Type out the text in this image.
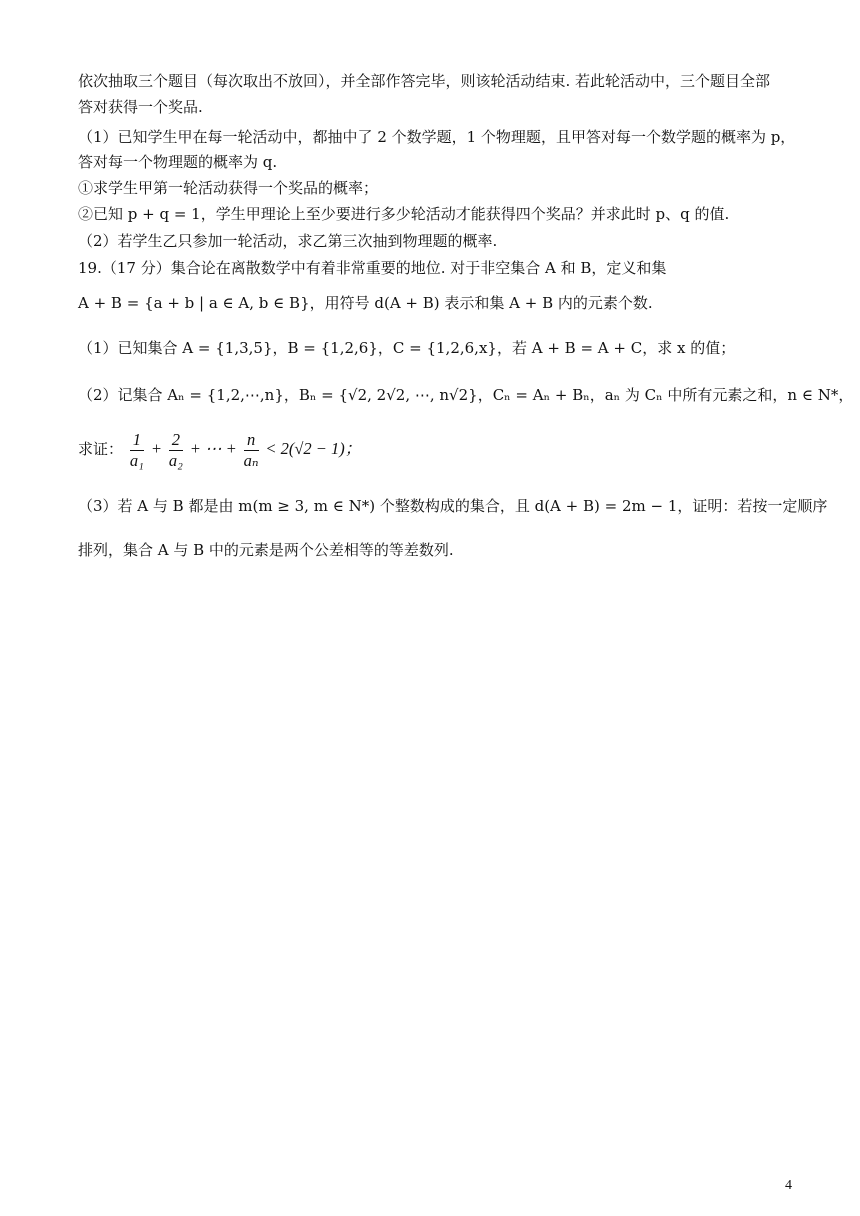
依次抽取三个题目（每次取出不放回），并全部作答完毕，则该轮活动结束. 若此轮活动中，三个题目全部
答对获得一个奖品.
（1）已知学生甲在每一轮活动中，都抽中了 2 个数学题，1 个物理题，且甲答对每一个数学题的概率为 p，
答对每一个物理题的概率为 q.
①求学生甲第一轮活动获得一个奖品的概率；
②已知 p + q = 1，学生甲理论上至少要进行多少轮活动才能获得四个奖品？并求此时 p、q 的值.
（2）若学生乙只参加一轮活动，求乙第三次抽到物理题的概率.
19.（17 分）集合论在离散数学中有着非常重要的地位. 对于非空集合 A 和 B，定义和集
A + B = {a + b | a ∈ A, b ∈ B}，用符号 d(A + B) 表示和集 A + B 内的元素个数.
（1）已知集合 A = {1,3,5}，B = {1,2,6}，C = {1,2,6,x}，若 A + B = A + C，求 x 的值；
（2）记集合 Aₙ = {1,2,⋯,n}，Bₙ = {√2, 2√2, ⋯, n√2}，Cₙ = Aₙ + Bₙ，aₙ 为 Cₙ 中所有元素之和，n ∈ N*，
求证： $\frac{1}{\text{a₁}} + \frac{2}{\text{a₂}}$ + ⋯ + $\frac{n}{\text{aₙ}} < 2(√2 - 1)$；
（3）若 A 与 B 都是由 m(m ≥ 3, m ∈ N*) 个整数构成的集合，且 d(A + B) = 2m − 1，证明：若按一定顺序
排列，集合 A 与 B 中的元素是两个公差相等的等差数列.
4
